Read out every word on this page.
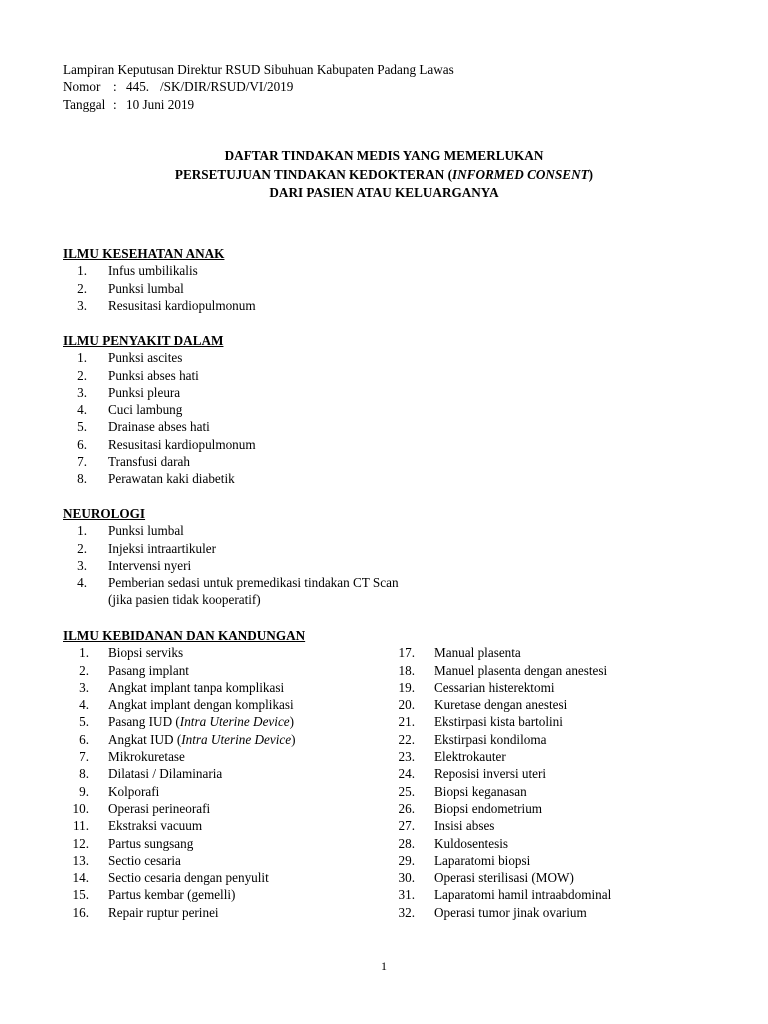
Lampiran Keputusan Direktur RSUD Sibuhuan Kabupaten Padang Lawas
Nomor : 445. /SK/DIR/RSUD/VI/2019
Tanggal : 10 Juni 2019
DAFTAR TINDAKAN MEDIS YANG MEMERLUKAN
PERSETUJUAN TINDAKAN KEDOKTERAN (INFORMED CONSENT)
DARI PASIEN ATAU KELUARGANYA
ILMU KESEHATAN ANAK
1. Infus umbilikalis
2. Punksi lumbal
3. Resusitasi kardiopulmonum
ILMU PENYAKIT DALAM
1. Punksi ascites
2. Punksi abses hati
3. Punksi pleura
4. Cuci lambung
5. Drainase abses hati
6. Resusitasi kardiopulmonum
7. Transfusi darah
8. Perawatan kaki diabetik
NEUROLOGI
1. Punksi lumbal
2. Injeksi intraartikuler
3. Intervensi nyeri
4. Pemberian sedasi untuk premedikasi tindakan CT Scan
(jika pasien tidak kooperatif)
ILMU KEBIDANAN DAN KANDUNGAN
1. Biopsi serviks
2. Pasang implant
3. Angkat implant tanpa komplikasi
4. Angkat implant dengan komplikasi
5. Pasang IUD (Intra Uterine Device)
6. Angkat IUD (Intra Uterine Device)
7. Mikrokuretase
8. Dilatasi / Dilaminaria
9. Kolporafi
10. Operasi perineorafi
11. Ekstraksi vacuum
12. Partus sungsang
13. Sectio cesaria
14. Sectio cesaria dengan penyulit
15. Partus kembar (gemelli)
16. Repair ruptur perinei
17. Manual plasenta
18. Manuel plasenta dengan anestesi
19. Cessarian histerektomi
20. Kuretase dengan anestesi
21. Ekstirpasi kista bartolini
22. Ekstirpasi kondiloma
23. Elektrokauter
24. Reposisi inversi uteri
25. Biopsi keganasan
26. Biopsi endometrium
27. Insisi abses
28. Kuldosentesis
29. Laparatomi biopsi
30. Operasi sterilisasi (MOW)
31. Laparatomi hamil intraabdominal
32. Operasi tumor jinak ovarium
1
